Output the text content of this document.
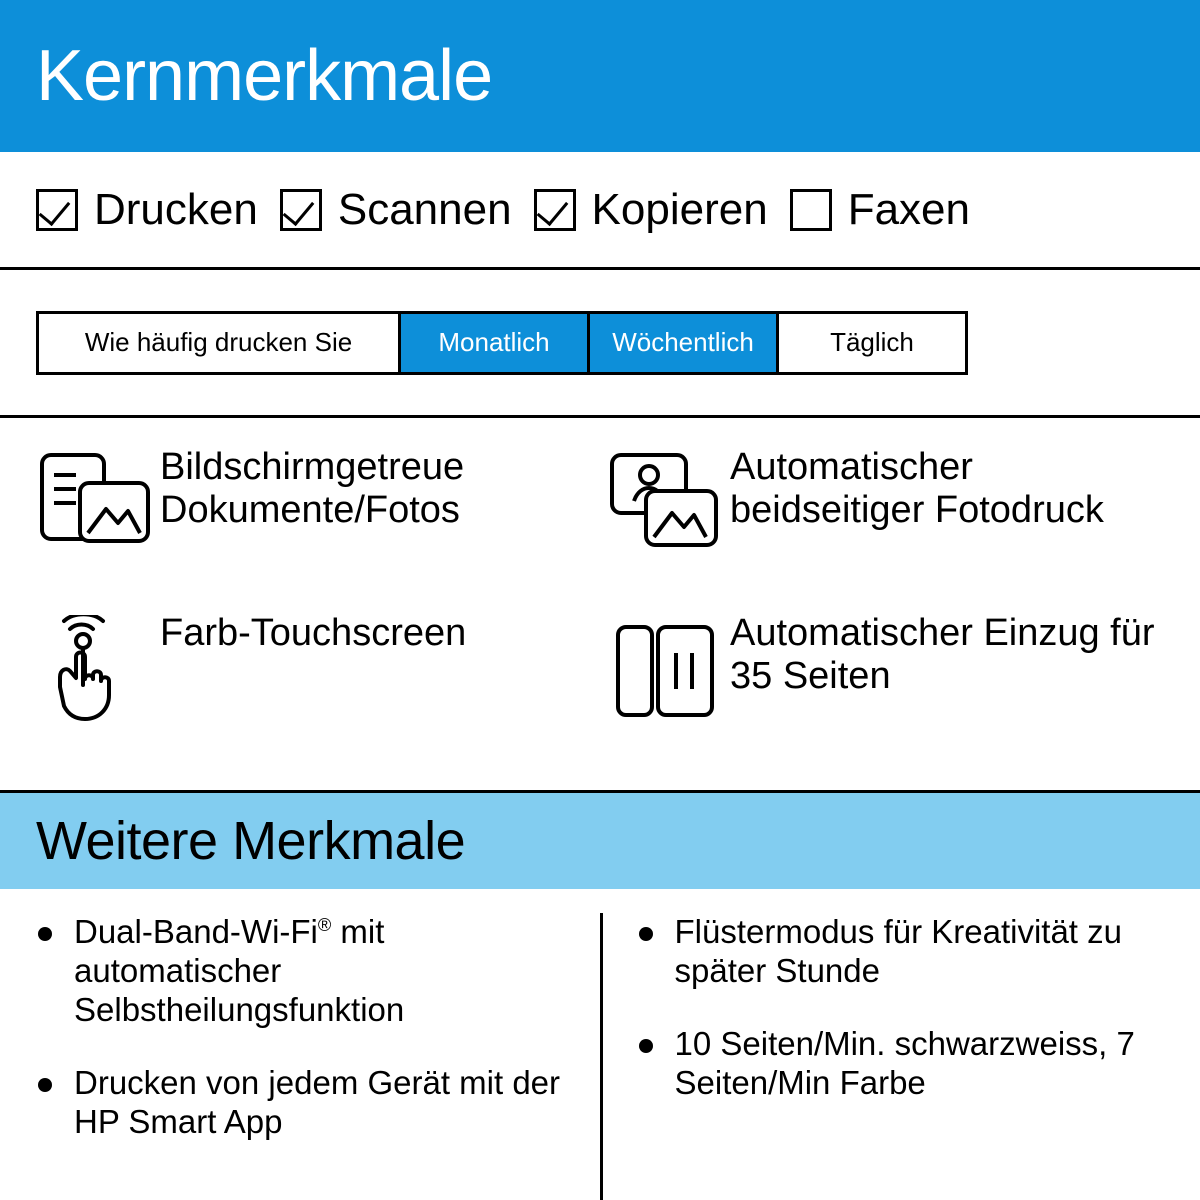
Kernmerkmale
Drucken Scannen Kopieren Faxen
Wie häufig drucken Sie	Monatlich	Wöchentlich	Täglich
Bildschirmgetreue Dokumente/Fotos
Automatischer beidseitiger Fotodruck
Farb-Touchscreen	Automatischer Einzug für 35 Seiten
Weitere Merkmale
Dual-Band-Wi-Fi® mit automatischer Selbstheilungsfunktion
Drucken von jedem Gerät mit der HP Smart App
Flüstermodus für Kreativität zu später Stunde
10 Seiten/Min. schwarzweiss, 7 Seiten/Min Farbe
